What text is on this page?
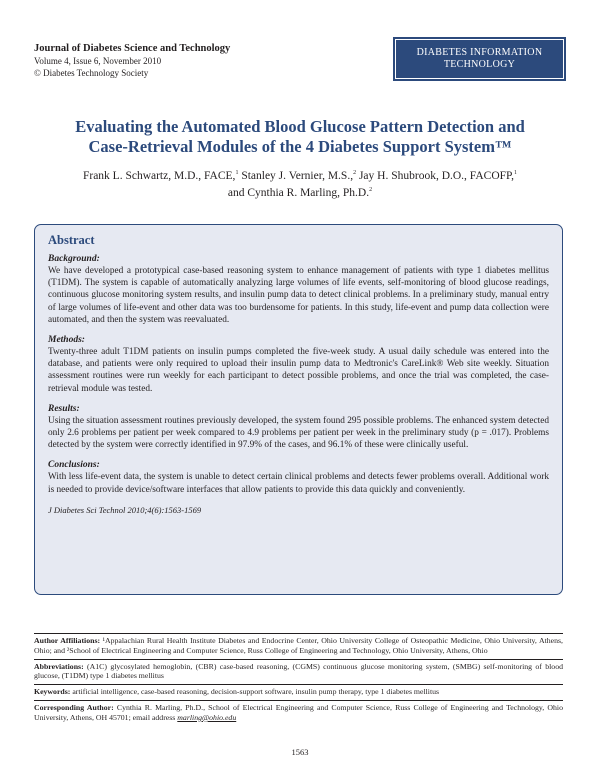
Journal of Diabetes Science and Technology
Volume 4, Issue 6, November 2010
© Diabetes Technology Society
DIABETES INFORMATION
TECHNOLOGY
Evaluating the Automated Blood Glucose Pattern Detection and
Case-Retrieval Modules of the 4 Diabetes Support System™
Frank L. Schwartz, M.D., FACE,$^1$ Stanley J. Vernier, M.S.,$^2$ Jay H. Shubrook, D.O., FACOFP,$^1$
and Cynthia R. Marling, Ph.D.$^2$
Abstract
Background:

We have developed a prototypical case-based reasoning system to enhance management of patients with type 1 diabetes mellitus (T1DM). The system is capable of automatically analyzing large volumes of life events, self-monitoring of blood glucose readings, continuous glucose monitoring system results, and insulin pump data to detect clinical problems. In a preliminary study, manual entry of large volumes of life-event and other data was too burdensome for patients. In this study, life-event and pump data collection were automated, and then the system was reevaluated.

Methods:

Twenty-three adult T1DM patients on insulin pumps completed the five-week study. A usual daily schedule was entered into the database, and patients were only required to upload their insulin pump data to Medtronic's CareLink® Web site weekly. Situation assessment routines were run weekly for each participant to detect possible problems, and once the trial was completed, the case-retrieval module was tested.

Results:

Using the situation assessment routines previously developed, the system found 295 possible problems. The enhanced system detected only 2.6 problems per patient per week compared to 4.9 problems per patient per week in the preliminary study (p = .017). Problems detected by the system were correctly identified in 97.9% of the cases, and 96.1% of these were clinically useful.

Conclusions:

With less life-event data, the system is unable to detect certain clinical problems and detects fewer problems overall. Additional work is needed to provide device/software interfaces that allow patients to provide this data quickly and conveniently.

J Diabetes Sci Technol 2010;4(6):1563-1569
Author Affiliations: ¹Appalachian Rural Health Institute Diabetes and Endocrine Center, Ohio University College of Osteopathic Medicine, Ohio University, Athens, Ohio; and ²School of Electrical Engineering and Computer Science, Russ College of Engineering and Technology, Ohio University, Athens, Ohio
Abbreviations: (A1C) glycosylated hemoglobin, (CBR) case-based reasoning, (CGMS) continuous glucose monitoring system, (SMBG) self-monitoring of blood glucose, (T1DM) type 1 diabetes mellitus
Keywords: artificial intelligence, case-based reasoning, decision-support software, insulin pump therapy, type 1 diabetes mellitus
Corresponding Author: Cynthia R. Marling, Ph.D., School of Electrical Engineering and Computer Science, Russ College of Engineering and Technology, Ohio University, Athens, OH 45701; email address marling@ohio.edu
1563
